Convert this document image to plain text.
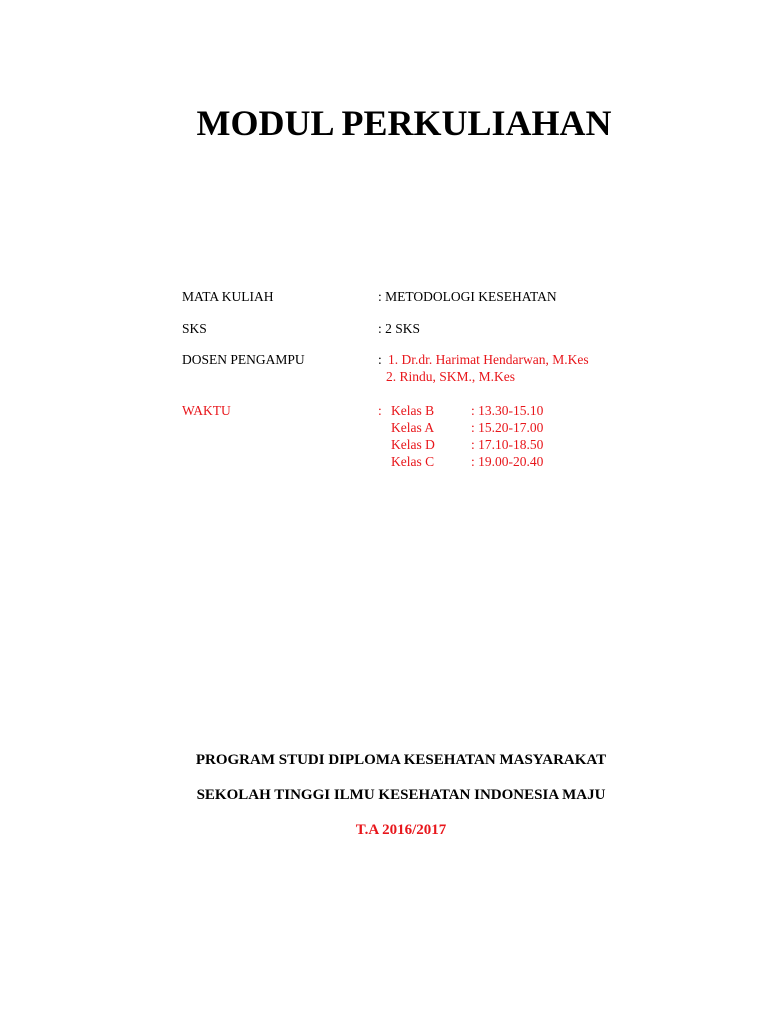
MODUL PERKULIAHAN
MATA KULIAH	: METODOLOGI KESEHATAN
SKS	: 2 SKS
DOSEN PENGAMPU	: 1. Dr.dr. Harimat Hendarwan, M.Kes
2. Rindu, SKM., M.Kes
WAKTU	: Kelas B	: 13.30-15.10
Kelas A	: 15.20-17.00
Kelas D	: 17.10-18.50
Kelas C	: 19.00-20.40
PROGRAM STUDI DIPLOMA KESEHATAN MASYARAKAT
SEKOLAH TINGGI ILMU KESEHATAN INDONESIA MAJU
T.A 2016/2017
